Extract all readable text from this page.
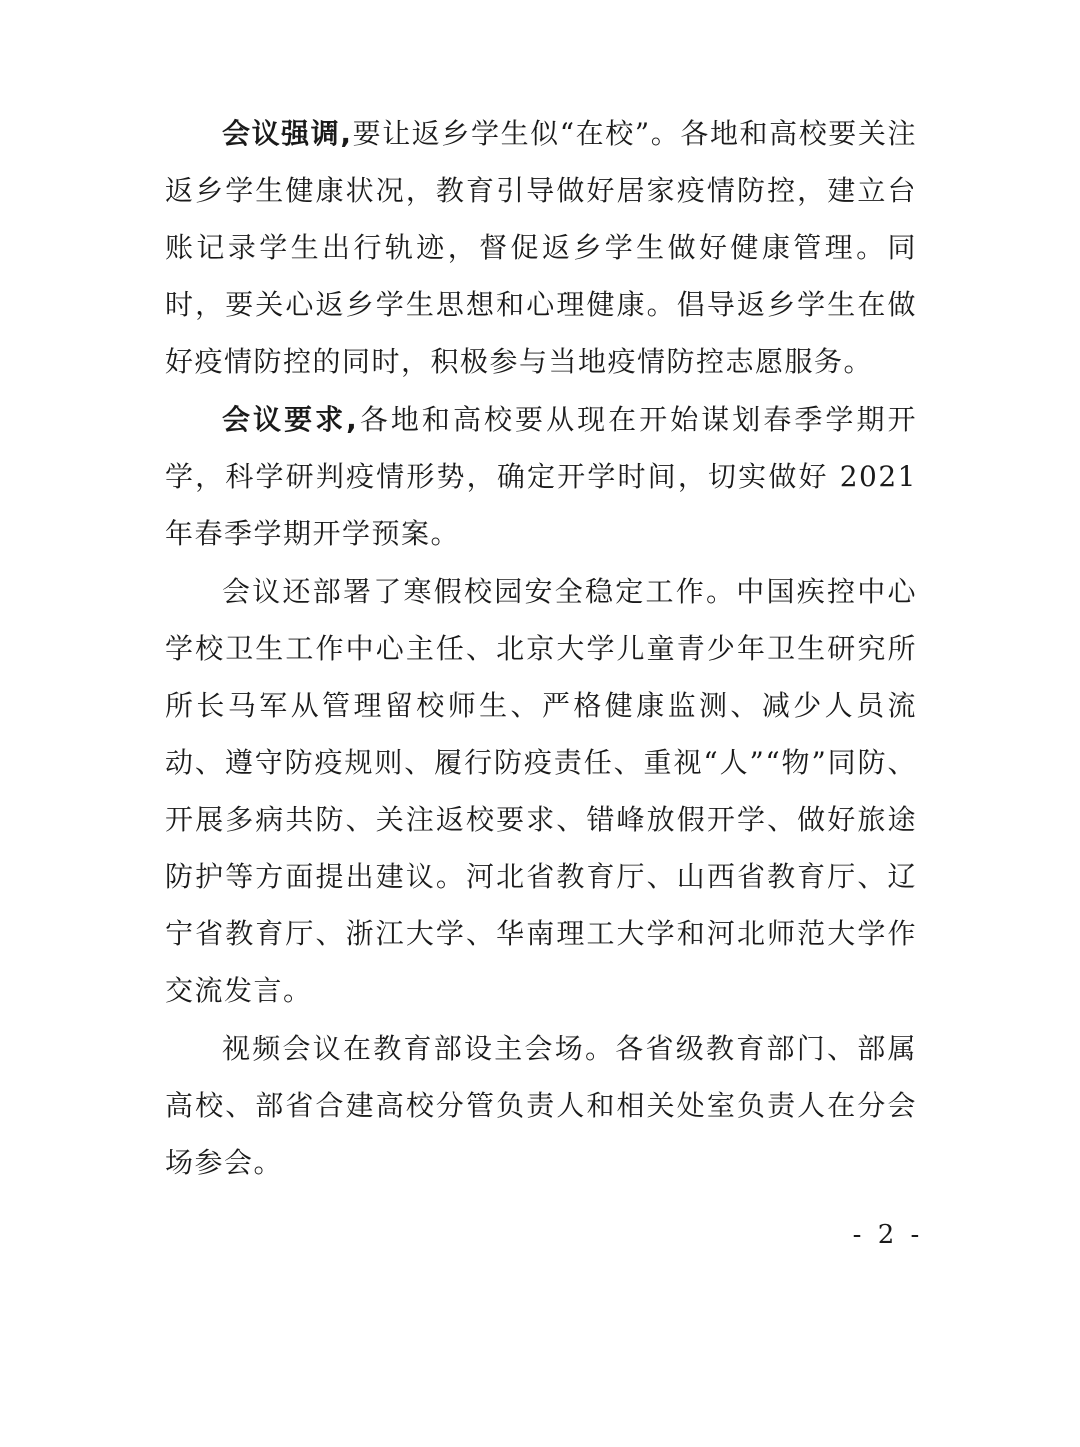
会议强调,要让返乡学生似“在校”。各地和高校要关注返乡学生健康状况，教育引导做好居家疫情防控，建立台账记录学生出行轨迹，督促返乡学生做好健康管理。同时，要关心返乡学生思想和心理健康。倡导返乡学生在做好疫情防控的同时，积极参与当地疫情防控志愿服务。

会议要求,各地和高校要从现在开始谋划春季学期开学，科学研判疫情形势，确定开学时间，切实做好 2021 年春季学期开学预案。

会议还部署了寒假校园安全稳定工作。中国疾控中心学校卫生工作中心主任、北京大学儿童青少年卫生研究所所长马军从管理留校师生、严格健康监测、减少人员流动、遵守防疫规则、履行防疫责任、重视“人”“物”同防、开展多病共防、关注返校要求、错峰放假开学、做好旅途防护等方面提出建议。河北省教育厅、山西省教育厅、辽宁省教育厅、浙江大学、华南理工大学和河北师范大学作交流发言。

视频会议在教育部设主会场。各省级教育部门、部属高校、部省合建高校分管负责人和相关处室负责人在分会场参会。

- 2 -
